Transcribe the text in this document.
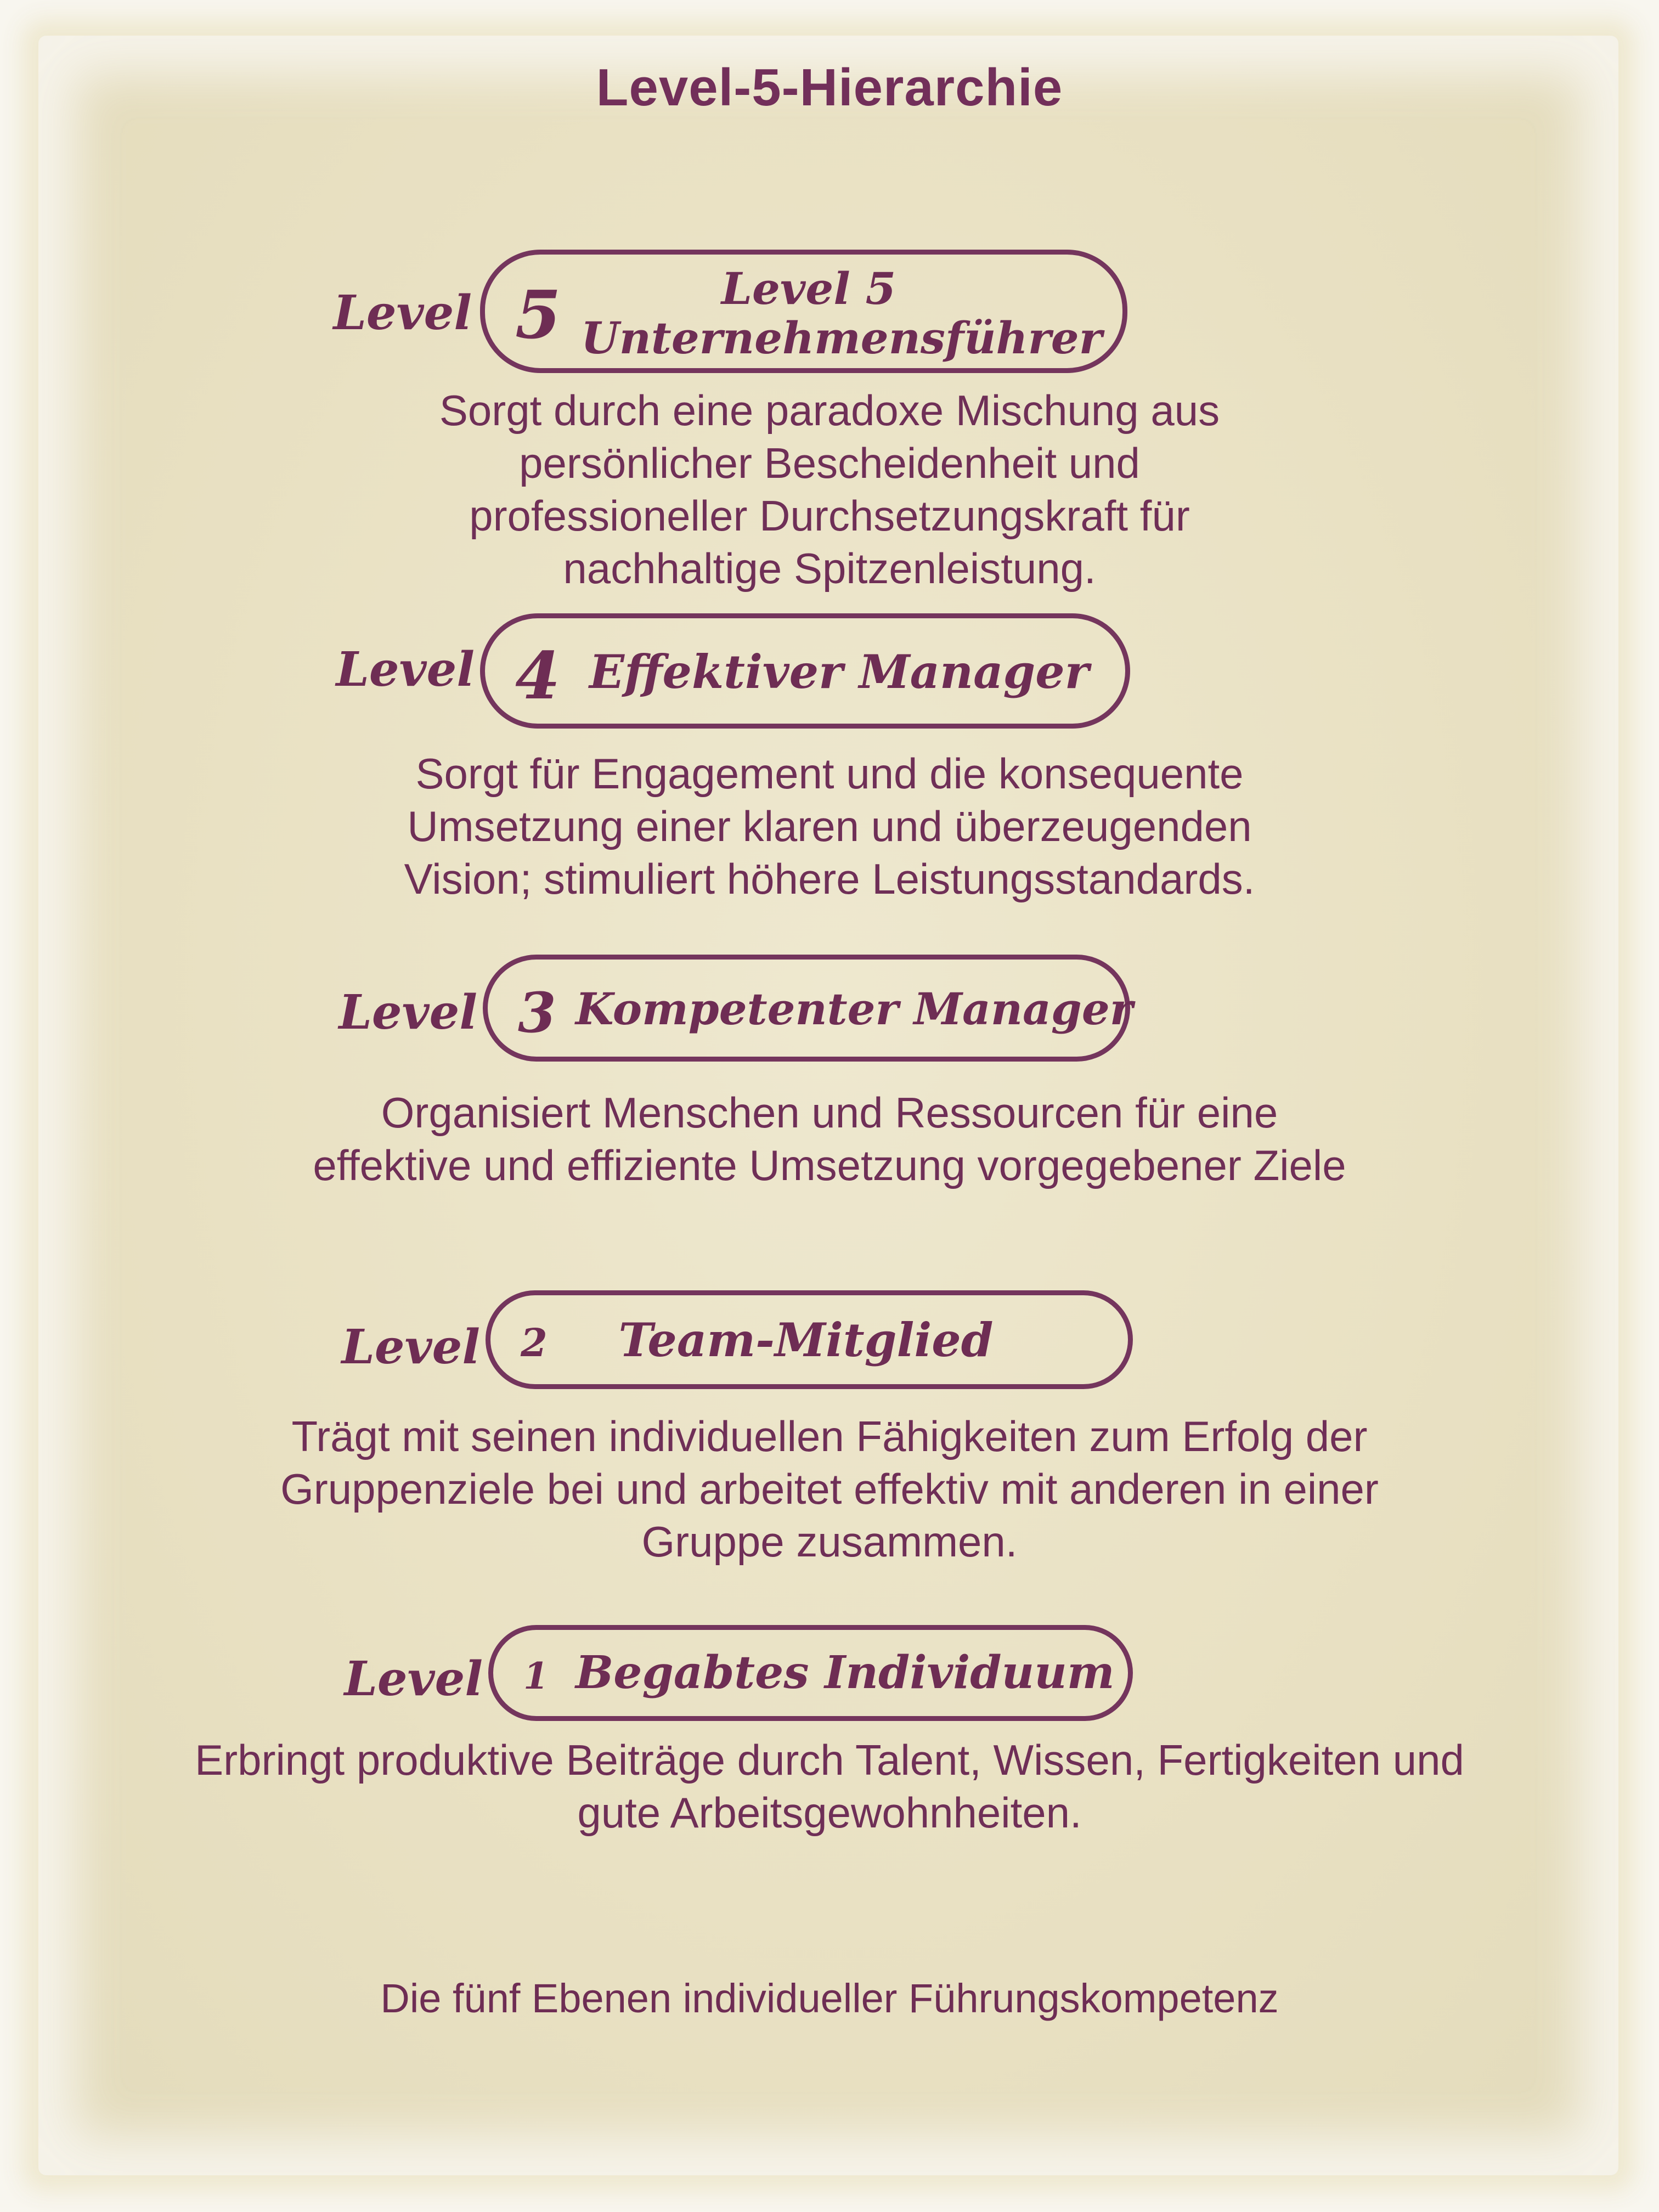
Level-5-Hierarchie
Level 5	Level 5
Unternehmensführer
Sorgt durch eine paradoxe Mischung aus
persönlicher Bescheidenheit und
professioneller Durchsetzungskraft für
nachhaltige Spitzenleistung.
Level 4 Effektiver Manager
Sorgt für Engagement und die konsequente
Umsetzung einer klaren und überzeugenden
Vision; stimuliert höhere Leistungsstandards.
Level 3 Kompetenter Manager
Organisiert Menschen und Ressourcen für eine
effektive und effiziente Umsetzung vorgegebener Ziele
Level 2	Team-Mitglied
Trägt mit seinen individuellen Fähigkeiten zum Erfolg der
Gruppenziele bei und arbeitet effektiv mit anderen in einer
Gruppe zusammen.
Level 1 Begabtes Individuum
Erbringt produktive Beiträge durch Talent, Wissen, Fertigkeiten und
gute Arbeitsgewohnheiten.
Die fünf Ebenen individueller Führungskompetenz
